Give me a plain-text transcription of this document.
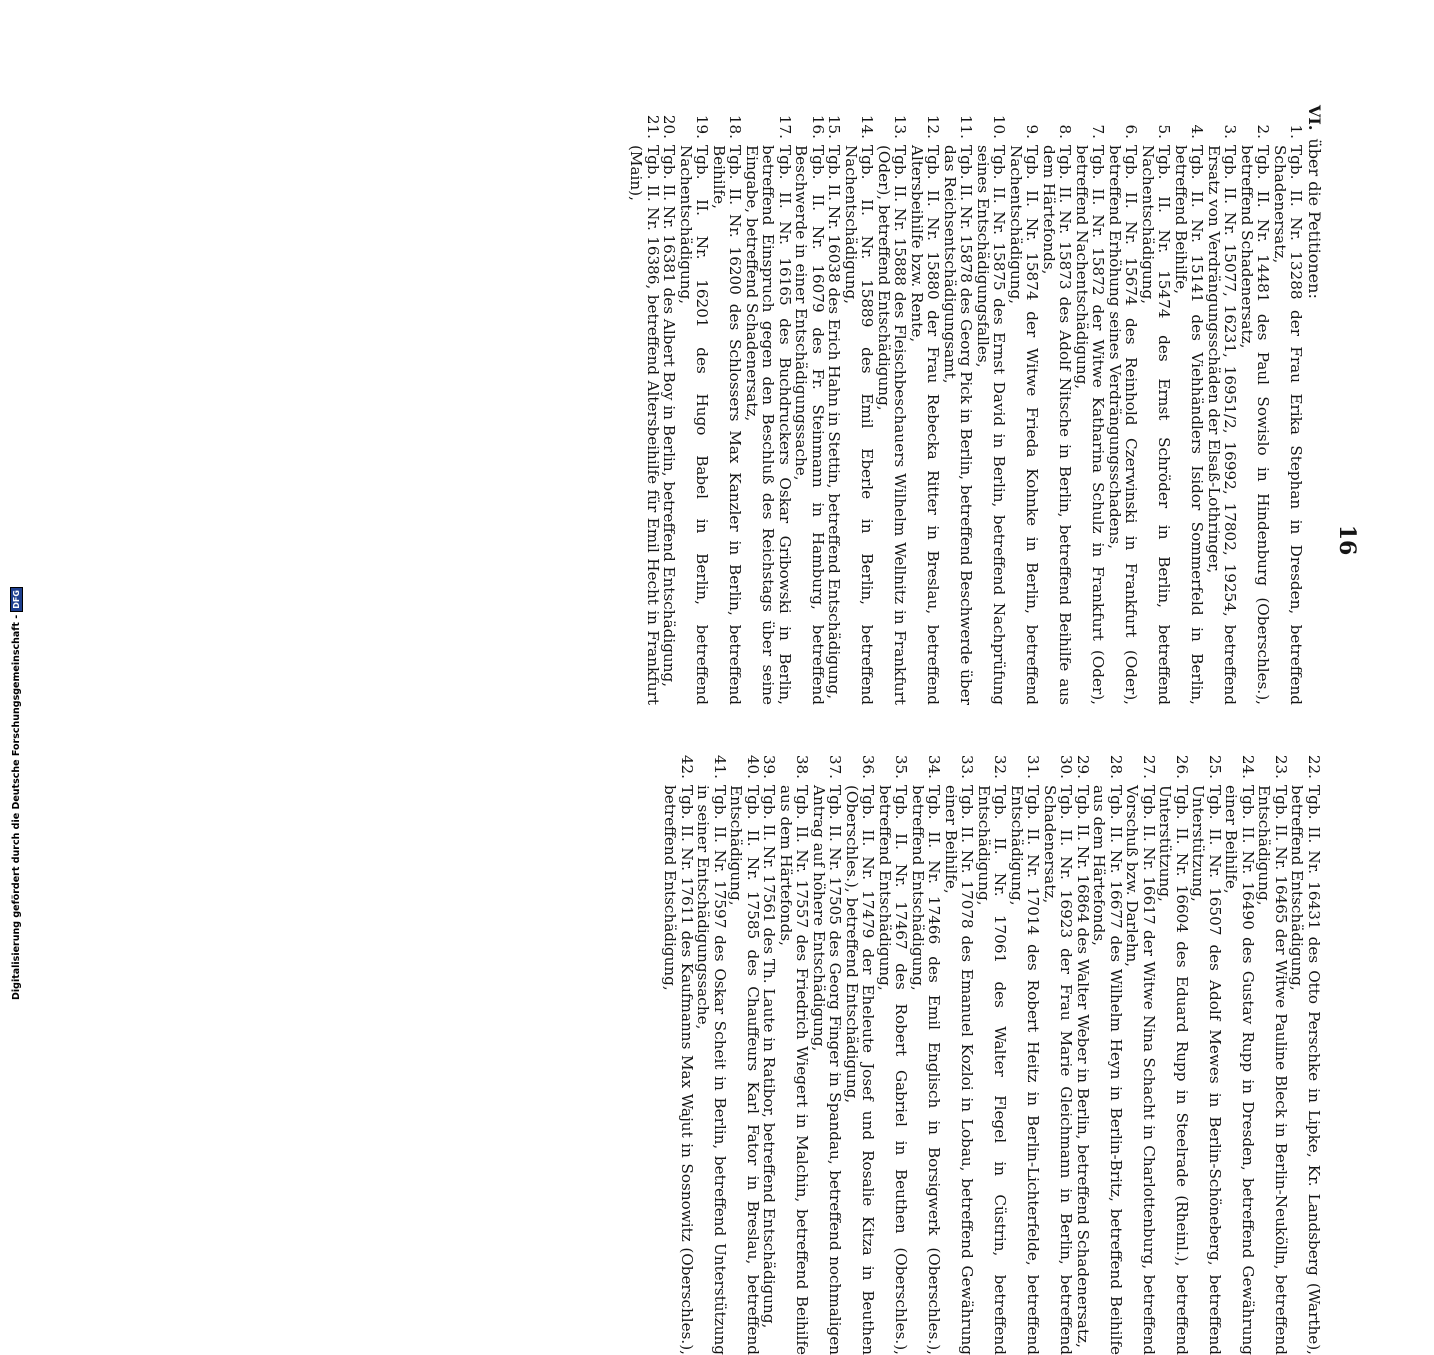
16
VI.über die Petitionen:
1.
Tgb. II. Nr. 13288 der Frau Erika Stephan in Dresden, betreffend Schadenersatz,
2.
Tgb. II. Nr. 14481 des Paul Sowislo in Hindenburg (Oberschles.), betreffend Schadenersatz,
3.
Tgb. II. Nr. 15077, 16231, 16951/2, 16992, 17802, 19254, betreffend Ersatz von Verdrängungsschäden der Elsaß-Lothringer,
4.
Tgb. II. Nr. 15141 des Viehhändlers Isidor Sommerfeld in Berlin, betreffend Beihilfe,
5.
Tgb. II. Nr. 15474 des Ernst Schröder in Berlin, betreffend Nachentschädigung,
6.
Tgb. II. Nr. 15674 des Reinhold Czerwinski in Frankfurt (Oder), betreffend Erhöhung seines Verdrängungsschadens,
7.
Tgb. II. Nr. 15872 der Witwe Katharina Schulz in Frankfurt (Oder), betreffend Nachentschädigung,
8.
Tgb. II. Nr. 15873 des Adolf Nitsche in Berlin, betreffend Beihilfe aus dem Härtefonds,
9.
Tgb. II. Nr. 15874 der Witwe Frieda Kohnke in Berlin, betreffend Nachentschädigung,
10.
Tgb. II. Nr. 15875 des Ernst David in Berlin, betreffend Nachprüfung seines Entschädigungsfalles,
11.
Tgb. II. Nr. 15878 des Georg Pick in Berlin, betreffend Beschwerde über das Reichsentschädigungsamt,
12.
Tgb. II. Nr. 15880 der Frau Rebecka Ritter in Breslau, betreffend Altersbeihilfe bzw. Rente,
13.
Tgb. II. Nr. 15888 des Fleischbeschauers Wilhelm Wellnitz in Frankfurt (Oder), betreffend Entschädigung,
14.
Tgb. II. Nr. 15889 des Emil Eberle in Berlin, betreffend Nachentschädigung,
15.
Tgb. II. Nr. 16038 des Erich Hahn in Stettin, betreffend Entschädigung,
16.
Tgb. II. Nr. 16079 des Fr. Steinmann in Hamburg, betreffend Beschwerde in einer Entschädigungssache,
17.
Tgb. II. Nr. 16165 des Buchdruckers Oskar Gribowski in Berlin, betreffend Einspruch gegen den Beschluß des Reichstags über seine Eingabe, betreffend Schadenersatz,
18.
Tgb. II. Nr. 16200 des Schlossers Max Kanzler in Berlin, betreffend Beihilfe,
19.
Tgb. II. Nr. 16201 des Hugo Babel in Berlin, betreffend Nachentschädigung,
20.
Tgb. II. Nr. 16381 des Albert Boy in Berlin, betreffend Entschädigung,
21.
Tgb. II. Nr. 16386, betreffend Altersbeihilfe für Emil Hecht in Frankfurt (Main),
22.
Tgb. II. Nr. 16431 des Otto Perschke in Lipke, Kr. Landsberg (Warthe), betreffend Entschädigung,
23.
Tgb. II. Nr. 16465 der Witwe Pauline Bleck in Berlin-Neukölln, betreffend Entschädigung,
24.
Tgb. II. Nr. 16490 des Gustav Rupp in Dresden, betreffend Gewährung einer Beihilfe,
25.
Tgb. II. Nr. 16507 des Adolf Mewes in Berlin-Schöneberg, betreffend Unterstützung,
26.
Tgb. II. Nr. 16604 des Eduard Rupp in Steelrade (Rheinl.), betreffend Unterstützung,
27.
Tgb. II. Nr. 16617 der Witwe Nina Schacht in Charlottenburg, betreffend Vorschuß bzw. Darlehn,
28.
Tgb. II. Nr. 16677 des Wilhelm Heyn in Berlin-Britz, betreffend Beihilfe aus dem Härtefonds,
29.
Tgb. II. Nr. 16864 des Walter Weber in Berlin, betreffend Schadenersatz,
30.
Tgb. II. Nr. 16923 der Frau Marie Gleichmann in Berlin, betreffend Schadenersatz,
31.
Tgb. II. Nr. 17014 des Robert Heitz in Berlin-Lichterfelde, betreffend Entschädigung,
32.
Tgb. II. Nr. 17061 des Walter Flegel in Cüstrin, betreffend Entschädigung,
33.
Tgb. II. Nr. 17078 des Emanuel Kozloi in Lobau, betreffend Gewährung einer Beihilfe,
34.
Tgb. II. Nr. 17466 des Emil Englisch in Borsigwerk (Oberschles.), betreffend Entschädigung,
35.
Tgb. II. Nr. 17467 des Robert Gabriel in Beuthen (Oberschles.), betreffend Entschädigung,
36.
Tgb. II. Nr. 17479 der Eheleute Josef und Rosalie Kitza in Beuthen (Oberschles.), betreffend Entschädigung,
37.
Tgb. II. Nr. 17505 des Georg Finger in Spandau, betreffend nochmaligen Antrag auf höhere Entschädigung,
38.
Tgb. II. Nr. 17557 des Friedrich Wiegert in Malchin, betreffend Beihilfe aus dem Härtefonds,
39.
Tgb. II. Nr. 17561 des Th. Laute in Ratibor, betreffend Entschädigung,
40.
Tgb. II. Nr. 17585 des Chauffeurs Karl Fator in Breslau, betreffend Entschädigung,
41.
Tgb. II. Nr. 17597 des Oskar Scheit in Berlin, betreffend Unterstützung in seiner Entschädigungssache,
42.
Tgb. II. Nr. 17611 des Kaufmanns Max Wajut in Sosnowitz (Oberschles.), betreffend Entschädigung,
Digitalisierung gefördert durch die Deutsche Forschungsgemeinschaft -
DFG
